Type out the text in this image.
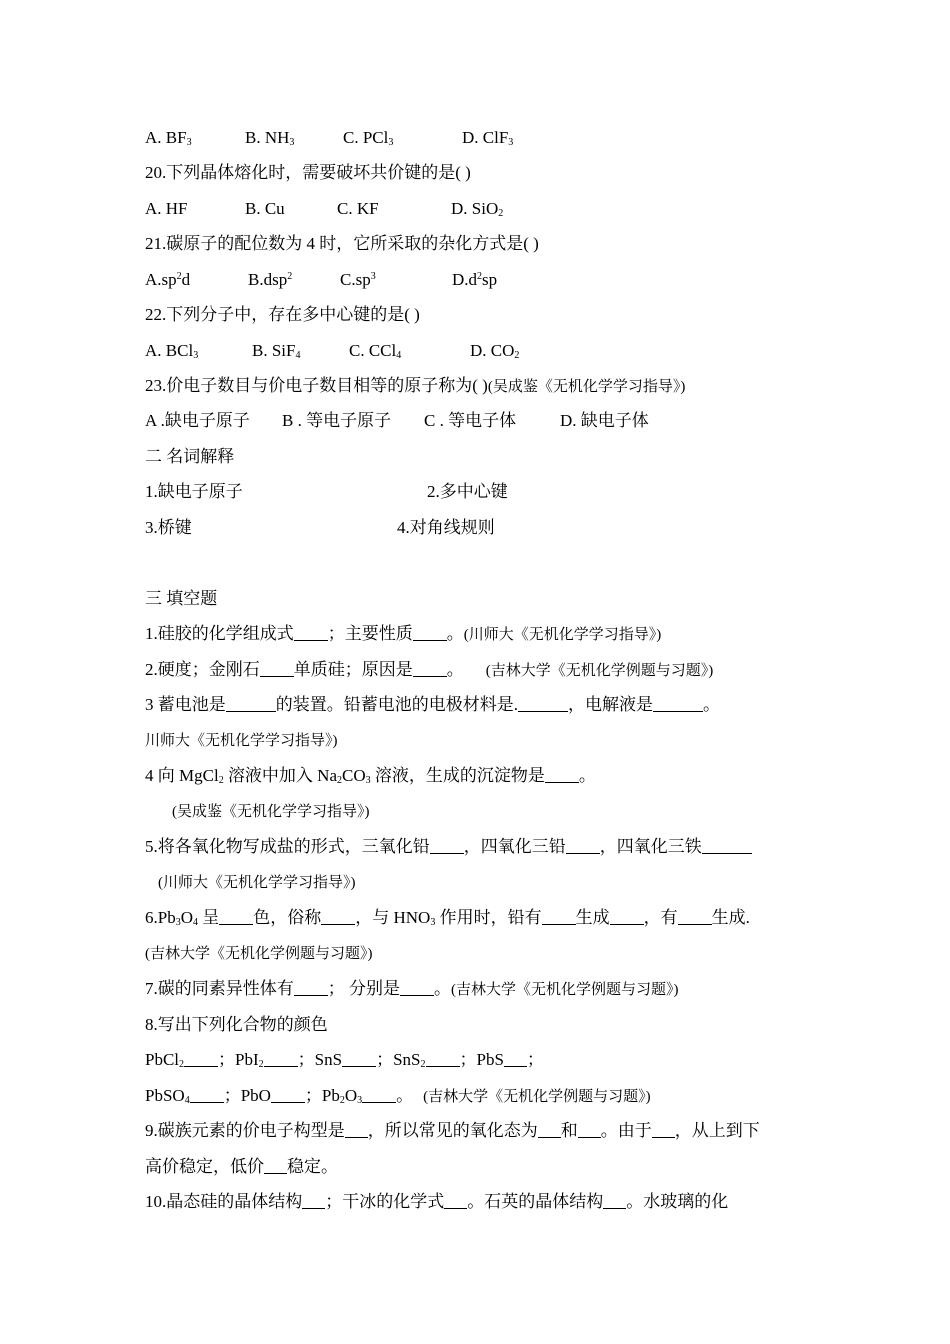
A. $BF_3$	B. $NH_3$	C. PCl$_3$	D. ClF$_3$
20.下列晶体熔化时，需要破坏共价键的是( )
A. HF	B. Cu	C. KF	D. SiO$_2$
21.碳原子的配位数为 4 时，它所采取的杂化方式是( )
$A.sp^2d$	B.dsp$^2$	$C.sp^3$	$D.d^2sp$
22.下列分子中，存在多中心键的是( )
A. BCl$_3$	B. SiF$_4$	C. CCl$_4$	D. $CO_2$
23.价电子数目与价电子数目相等的原子称为( )(吴成鉴《无机化学学习指导》)
A .缺电子原子 B . 等电子原子 C . 等电子体	D. 缺电子体
二 名词解释
1.缺电子原子	2.多中心键
3.桥键	4.对角线规则
三 填空题
1.硅胶的化学组成式 ；主要性质 。(川师大《无机化学学习指导》)
2.硬度；金刚石 单质硅；原因是 。 (吉林大学《无机化学例题与习题》)
3 蓄电池是	的装置。铅蓄电池的电极材料是.	，电解液是	。
川师大《无机化学学习指导》)
4 向 MgCl$_2$ 溶液中加入 $Na_2CO_3$ 溶液，生成的沉淀物是 。
(吴成鉴《无机化学学习指导》)
5.将各氧化物写成盐的形式，三氧化铅 ，四氧化三铅 ，四氧化三铁
(川师大《无机化学学习指导》)
$6.Pb_3O_4$ 呈 色，俗称 ，与 $HNO_3$ 作用时，铅有 生成 ，有 生成.
(吉林大学《无机化学例题与习题》)
7.碳的同素异性体有 ； 分别是 。(吉林大学《无机化学例题与习题》)
8.写出下列化合物的颜色
PbCl$_2$ ；PbI$_2$ ；SnS ；SnS$_2$ ；PbS ；
PbSO$_4$ ；PbO ；$Pb_2O_3$ 。 (吉林大学《无机化学例题与习题》)
9.碳族元素的价电子构型是 ，所以常见的氧化态为 和 。由于 ，从上到下
高价稳定，低价 稳定。
10.晶态硅的晶体结构 ；干冰的化学式 。石英的晶体结构 。水玻璃的化
